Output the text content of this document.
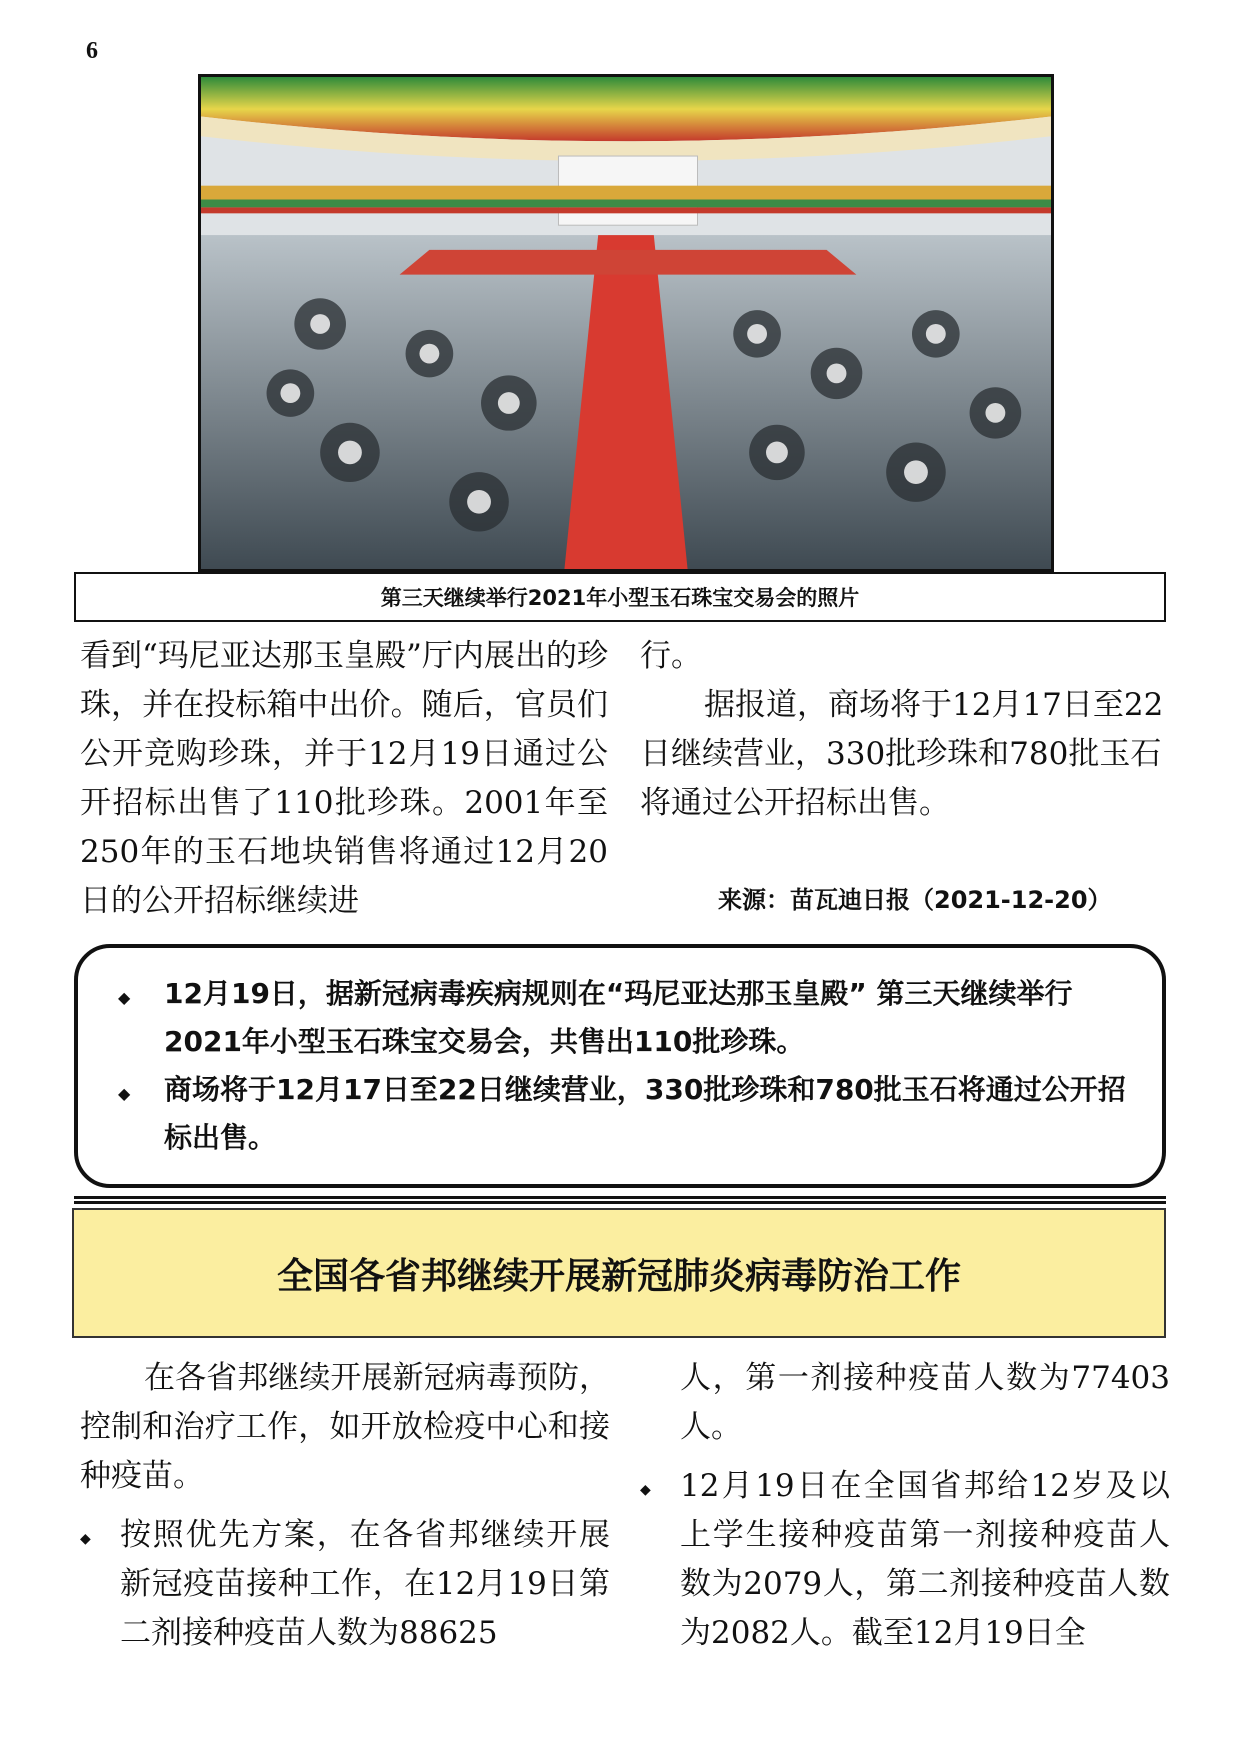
6
第三天继续举行2021年小型玉石珠宝交易会的照片

看到“玛尼亚达那玉皇殿”厅内展出的珍珠，并在投标箱中出价。随后，官员们公开竞购珍珠，并于12月19日通过公开招标出售了110批珍珠。2001年至250年的玉石地块销售将通过12月20日的公开招标继续进

行。

据报道，商场将于12月17日至22日继续营业，330批珍珠和780批玉石将通过公开招标出售。

来源：苗瓦迪日报（2021-12-20）
◆	12月19日，据新冠病毒疾病规则在“玛尼亚达那玉皇殿” 第三天继续举行2021年小型玉石珠宝交易会，共售出110批珍珠。
◆	商场将于12月17日至22日继续营业，330批珍珠和780批玉石将通过公开招标出售。
全国各省邦继续开展新冠肺炎病毒防治工作

在各省邦继续开展新冠病毒预防，控制和治疗工作，如开放检疫中心和接种疫苗。

◆ 按照优先方案，在各省邦继续开展新冠疫苗接种工作，在12月19日第二剂接种疫苗人数为88625

人，第一剂接种疫苗人数为77403人。

◆ 12月19日在全国省邦给12岁及以上学生接种疫苗第一剂接种疫苗人数为2079人，第二剂接种疫苗人数为2082人。截至12月19日全
